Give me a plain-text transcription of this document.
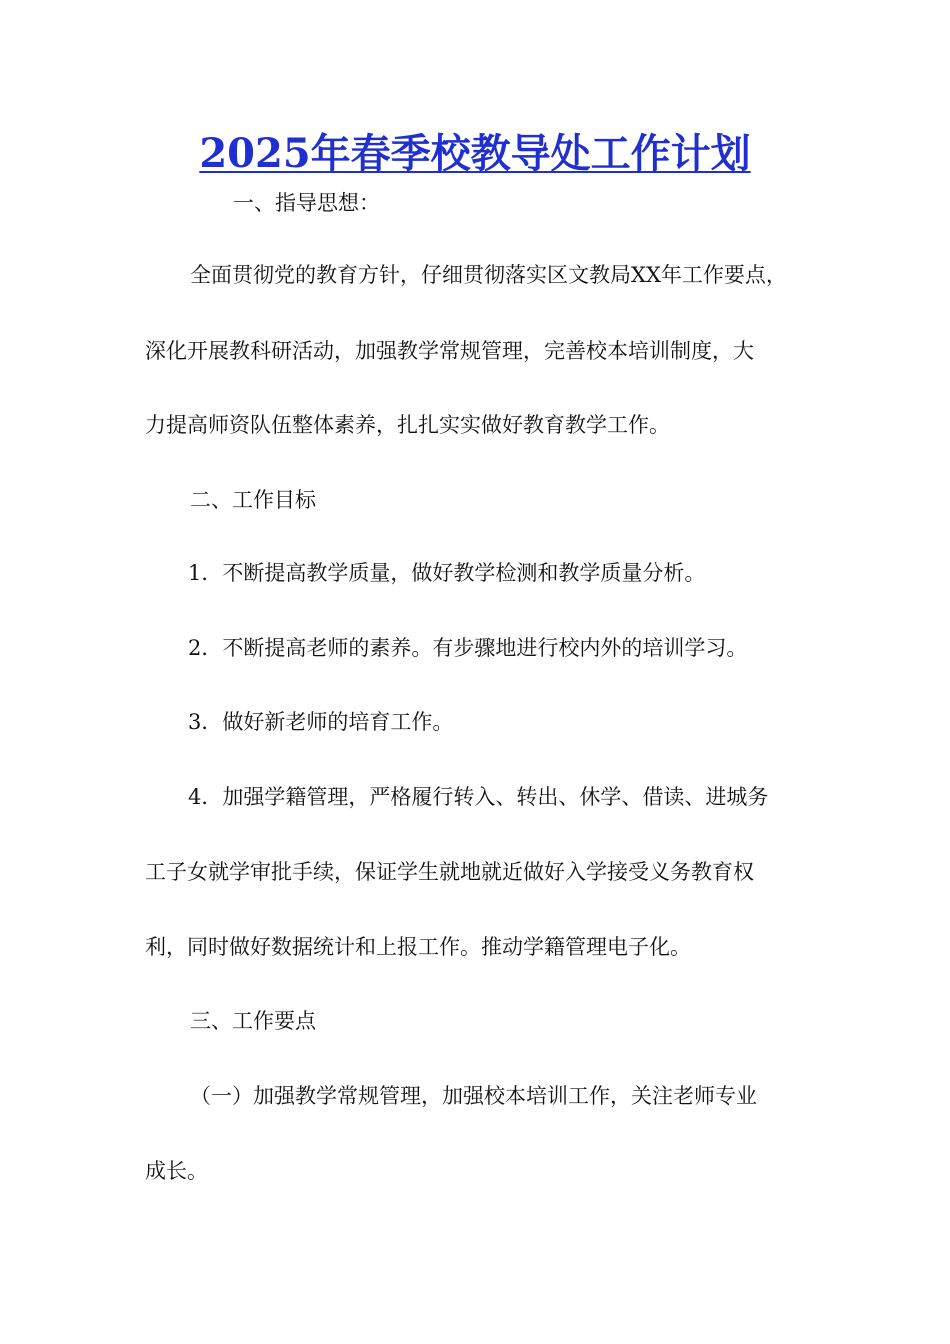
2025年春季校教导处工作计划
一、指导思想：
全面贯彻党的教育方针，仔细贯彻落实区文教局XX年工作要点，
深化开展教科研活动，加强教学常规管理，完善校本培训制度，大
力提高师资队伍整体素养，扎扎实实做好教育教学工作。
二、工作目标
1．不断提高教学质量，做好教学检测和教学质量分析。
2．不断提高老师的素养。有步骤地进行校内外的培训学习。
3．做好新老师的培育工作。
4．加强学籍管理，严格履行转入、转出、休学、借读、进城务
工子女就学审批手续，保证学生就地就近做好入学接受义务教育权
利，同时做好数据统计和上报工作。推动学籍管理电子化。
三、工作要点
（一）加强教学常规管理，加强校本培训工作，关注老师专业
成长。
